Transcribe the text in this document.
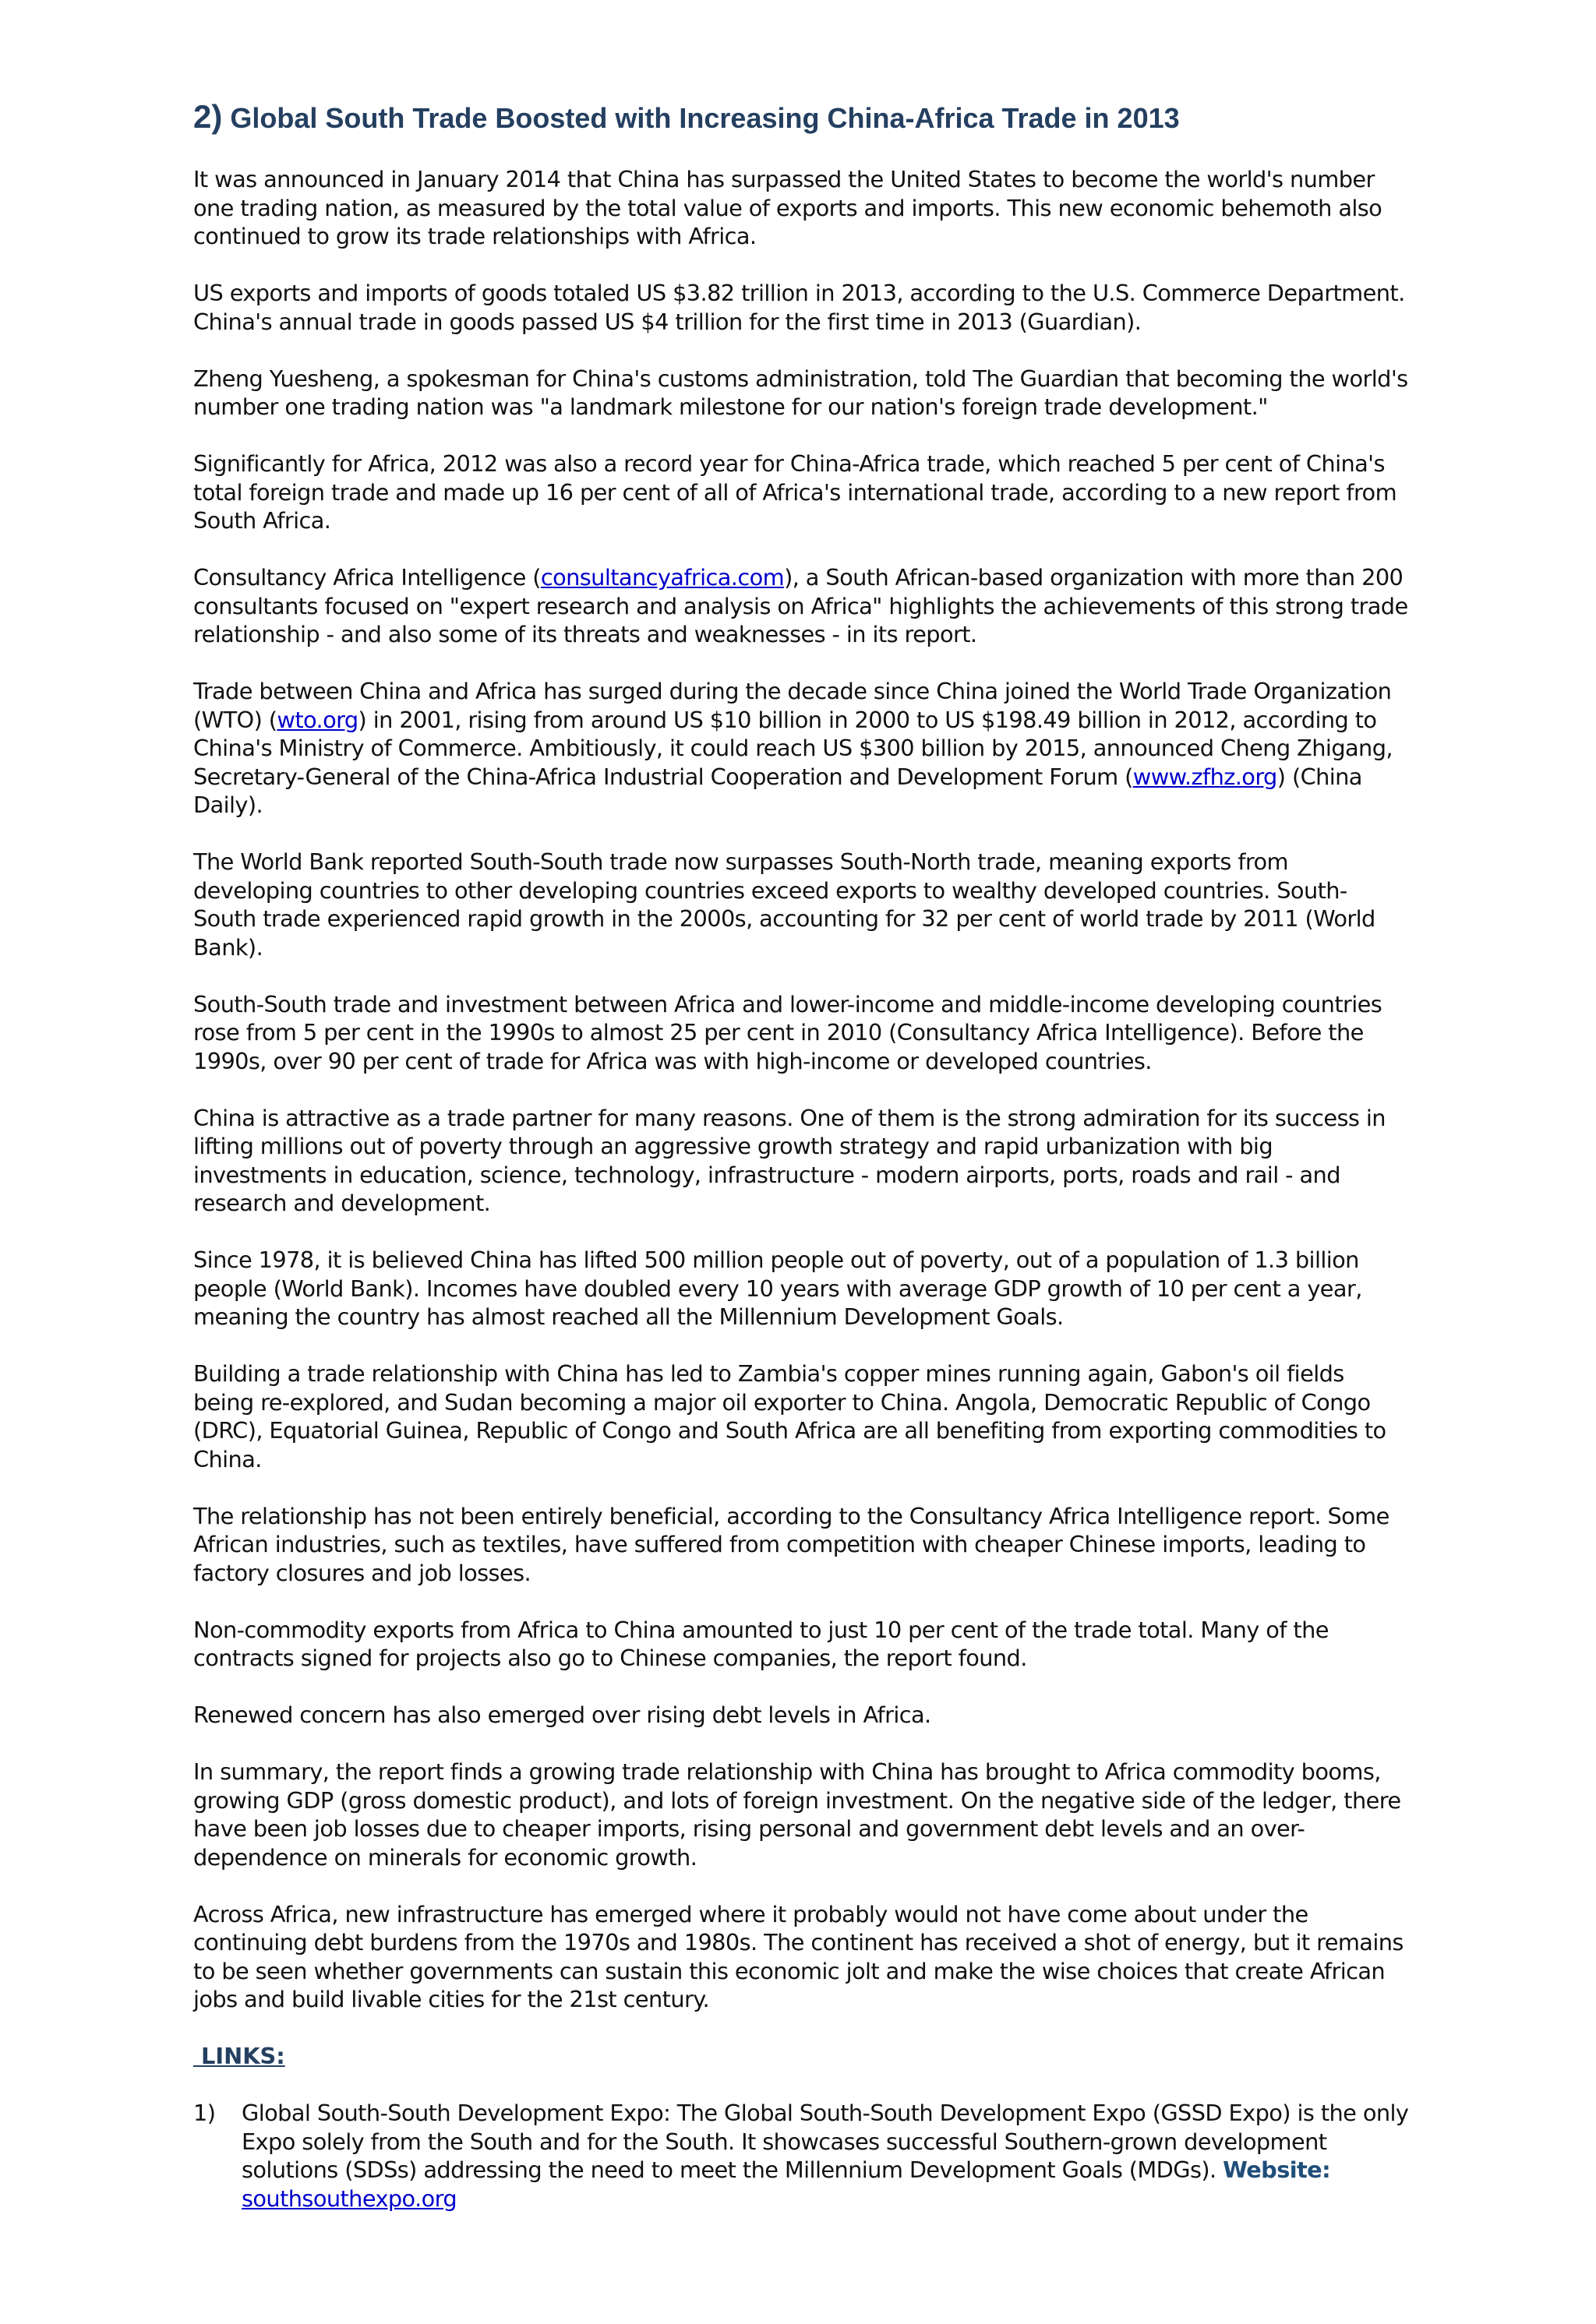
2) Global South Trade Boosted with Increasing China-Africa Trade in 2013

It was announced in January 2014 that China has surpassed the United States to become the world's number one trading nation, as measured by the total value of exports and imports. This new economic behemoth also continued to grow its trade relationships with Africa.

US exports and imports of goods totaled US $3.82 trillion in 2013, according to the U.S. Commerce Department. China's annual trade in goods passed US $4 trillion for the first time in 2013 (Guardian).

Zheng Yuesheng, a spokesman for China's customs administration, told The Guardian that becoming the world's number one trading nation was "a landmark milestone for our nation's foreign trade development."

Significantly for Africa, 2012 was also a record year for China-Africa trade, which reached 5 per cent of China's total foreign trade and made up 16 per cent of all of Africa's international trade, according to a new report from South Africa.

Consultancy Africa Intelligence (consultancyafrica.com), a South African-based organization with more than 200 consultants focused on "expert research and analysis on Africa" highlights the achievements of this strong trade relationship - and also some of its threats and weaknesses - in its report.

Trade between China and Africa has surged during the decade since China joined the World Trade Organization (WTO) (wto.org) in 2001, rising from around US $10 billion in 2000 to US $198.49 billion in 2012, according to China's Ministry of Commerce. Ambitiously, it could reach US $300 billion by 2015, announced Cheng Zhigang, Secretary-General of the China-Africa Industrial Cooperation and Development Forum (www.zfhz.org) (China Daily).

The World Bank reported South-South trade now surpasses South-North trade, meaning exports from developing countries to other developing countries exceed exports to wealthy developed countries. South-South trade experienced rapid growth in the 2000s, accounting for 32 per cent of world trade by 2011 (World Bank).

South-South trade and investment between Africa and lower-income and middle-income developing countries rose from 5 per cent in the 1990s to almost 25 per cent in 2010 (Consultancy Africa Intelligence). Before the 1990s, over 90 per cent of trade for Africa was with high-income or developed countries.

China is attractive as a trade partner for many reasons. One of them is the strong admiration for its success in lifting millions out of poverty through an aggressive growth strategy and rapid urbanization with big investments in education, science, technology, infrastructure - modern airports, ports, roads and rail - and research and development.

Since 1978, it is believed China has lifted 500 million people out of poverty, out of a population of 1.3 billion people (World Bank). Incomes have doubled every 10 years with average GDP growth of 10 per cent a year, meaning the country has almost reached all the Millennium Development Goals.

Building a trade relationship with China has led to Zambia's copper mines running again, Gabon's oil fields being re-explored, and Sudan becoming a major oil exporter to China. Angola, Democratic Republic of Congo (DRC), Equatorial Guinea, Republic of Congo and South Africa are all benefiting from exporting commodities to China.

The relationship has not been entirely beneficial, according to the Consultancy Africa Intelligence report. Some African industries, such as textiles, have suffered from competition with cheaper Chinese imports, leading to factory closures and job losses.

Non-commodity exports from Africa to China amounted to just 10 per cent of the trade total. Many of the contracts signed for projects also go to Chinese companies, the report found.

Renewed concern has also emerged over rising debt levels in Africa.

In summary, the report finds a growing trade relationship with China has brought to Africa commodity booms, growing GDP (gross domestic product), and lots of foreign investment. On the negative side of the ledger, there have been job losses due to cheaper imports, rising personal and government debt levels and an over-dependence on minerals for economic growth.

Across Africa, new infrastructure has emerged where it probably would not have come about under the continuing debt burdens from the 1970s and 1980s. The continent has received a shot of energy, but it remains to be seen whether governments can sustain this economic jolt and make the wise choices that create African jobs and build livable cities for the 21st century.

LINKS:
1)	Global South-South Development Expo: The Global South-South Development Expo (GSSD Expo) is the only Expo solely from the South and for the South. It showcases successful Southern-grown development solutions (SDSs) addressing the need to meet the Millennium Development Goals (MDGs). Website:
southsouthexpo.org
